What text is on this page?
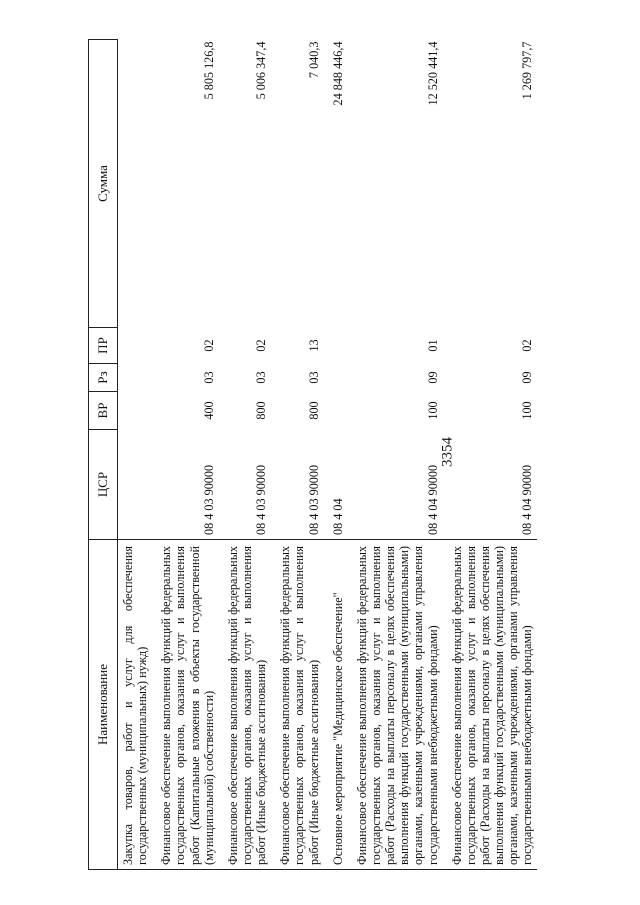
3354
Наименование	ЦСР	ВР	Рз	ПР	Сумма
Закупка товаров, работ и услуг для обеспечения государственных (муниципальных) нужд)					
Финансовое обеспечение выполнения функций федеральных государственных органов, оказания услуг и выполнения работ (Капитальные вложения в объекты государственной (муниципальной) собственности)	08 4 03 90000	400	03	02	5 805 126,8
Финансовое обеспечение выполнения функций федеральных государственных органов, оказания услуг и выполнения работ (Иные бюджетные ассигнования)	08 4 03 90000	800	03	02	5 006 347,4
Финансовое обеспечение выполнения функций федеральных государственных органов, оказания услуг и выполнения работ (Иные бюджетные ассигнования)	08 4 03 90000	800	03	13	7 040,3
Основное мероприятие "Медицинское обеспечение"	08 4 04				24 848 446,4
Финансовое обеспечение выполнения функций федеральных государственных органов, оказания услуг и выполнения работ (Расходы на выплаты персоналу в целях обеспечения выполнения функций государственными (муниципальными) органами, казенными учреждениями, органами управления государственными внебюджетными фондами)	08 4 04 90000	100	09	01	12 520 441,4
Финансовое обеспечение выполнения функций федеральных государственных органов, оказания услуг и выполнения работ (Расходы на выплаты персоналу в целях обеспечения выполнения функций государственными (муниципальными) органами, казенными учреждениями, органами управления государственными внебюджетными фондами)	08 4 04 90000	100	09	02	1 269 797,7
